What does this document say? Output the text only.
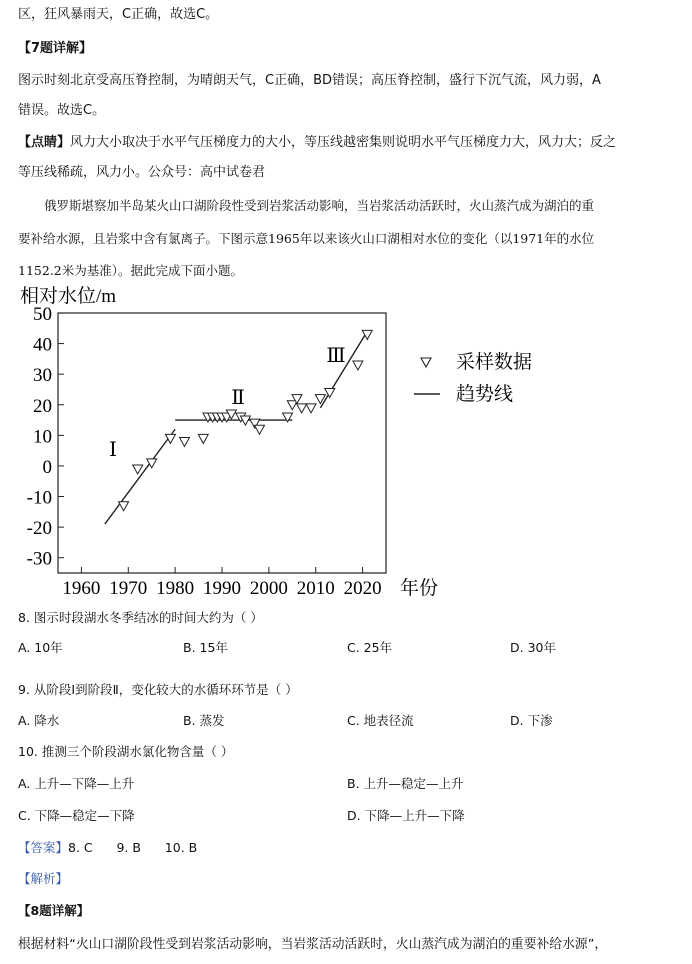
区，狂风暴雨天，C正确，故选C。
【7题详解】
图示时刻北京受高压脊控制，为晴朗天气，C正确，BD错误；高压脊控制，盛行下沉气流，风力弱，A
错误。故选C。
【点睛】风力大小取决于水平气压梯度力的大小，等压线越密集则说明水平气压梯度力大，风力大；反之
等压线稀疏，风力小。公众号：高中试卷君
俄罗斯堪察加半岛某火山口湖阶段性受到岩浆活动影响，当岩浆活动活跃时，火山蒸汽成为湖泊的重
要补给水源，且岩浆中含有氯离子。下图示意1965年以来该火山口湖相对水位的变化（以1971年的水位
1152.2米为基准）。据此完成下面小题。
相对水位/m
50
40
30
20
10
0
-10
-20
-30
1960 1970 1980 1990 2000 2010 2020
Ⅰ
Ⅱ
Ⅲ	采样数据
趋势线
年份
8. 图示时段湖水冬季结冰的时间大约为（ ）
A. 10年	B. 15年	C. 25年	D. 30年
9. 从阶段Ⅰ到阶段Ⅱ，变化较大的水循环环节是（ ）
A. 降水	B. 蒸发	C. 地表径流	D. 下渗
10. 推测三个阶段湖水氯化物含量（ ）
A. 上升—下降—上升	B. 上升—稳定—上升
C. 下降—稳定—下降	D. 下降—上升—下降
【答案】8. C      9. B      10. B
【解析】
【8题详解】
根据材料“火山口湖阶段性受到岩浆活动影响，当岩浆活动活跃时，火山蒸汽成为湖泊的重要补给水源”，
